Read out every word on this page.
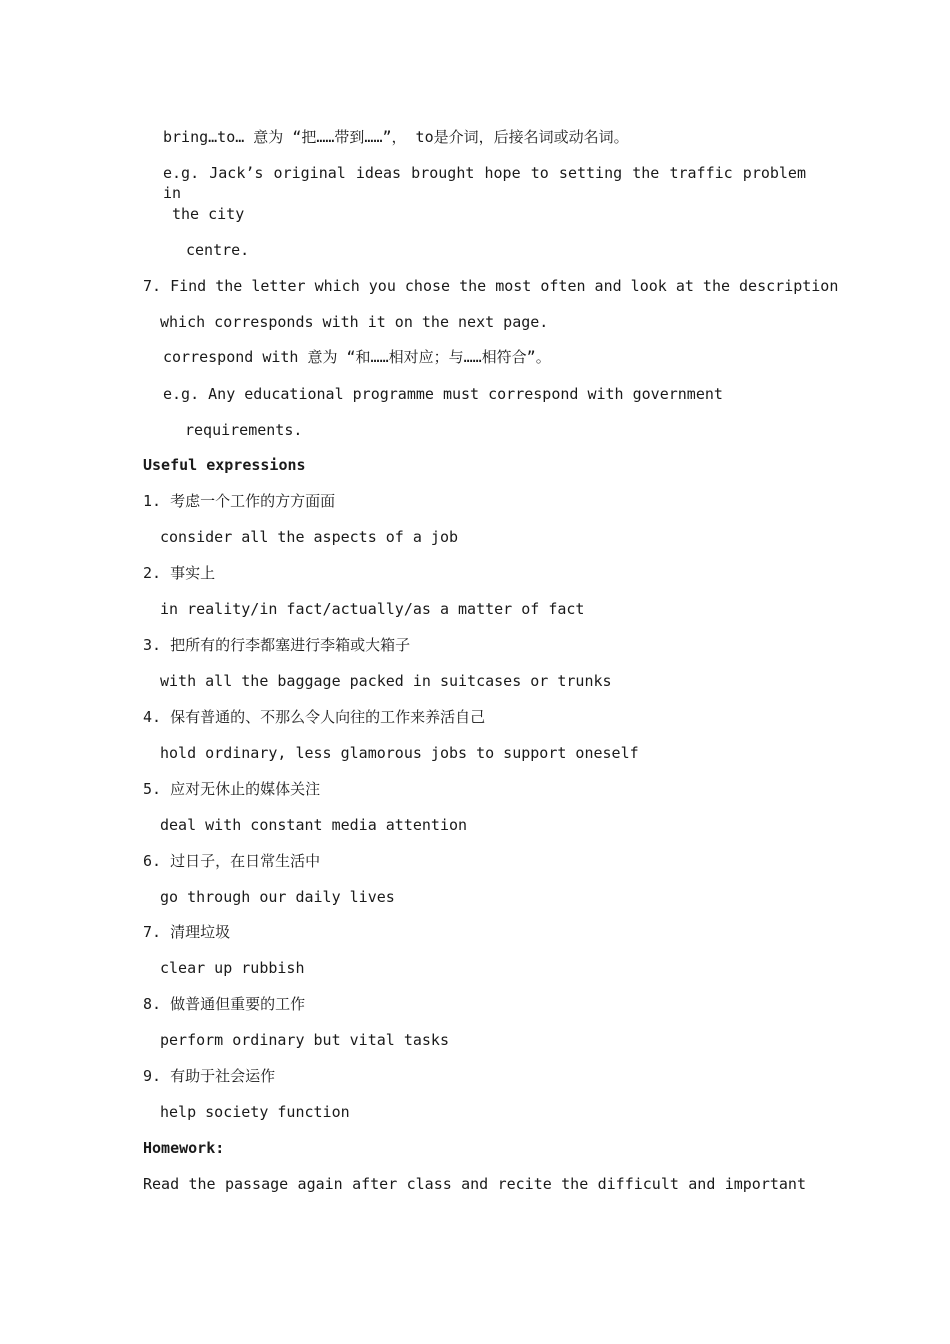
bring…to… 意为 “把……带到……”， to是介词，后接名词或动名词。
e.g. Jack’s original ideas brought hope to setting the traffic problem in
the city
centre.
7. Find the letter which you chose the most often and look at the description
which corresponds with it on the next page.
correspond with 意为 “和……相对应；与……相符合”。
e.g. Any educational programme must correspond with government
requirements.
Useful expressions
1. 考虑一个工作的方方面面
consider all the aspects of a job
2. 事实上
in reality/in fact/actually/as a matter of fact
3. 把所有的行李都塞进行李箱或大箱子
with all the baggage packed in suitcases or trunks
4. 保有普通的、不那么令人向往的工作来养活自己
hold ordinary, less glamorous jobs to support oneself
5. 应对无休止的媒体关注
deal with constant media attention
6. 过日子，在日常生活中
go through our daily lives
7. 清理垃圾
clear up rubbish
8. 做普通但重要的工作
perform ordinary but vital tasks
9. 有助于社会运作
help society function
Homework:
Read the passage again after class and recite the difficult and important
